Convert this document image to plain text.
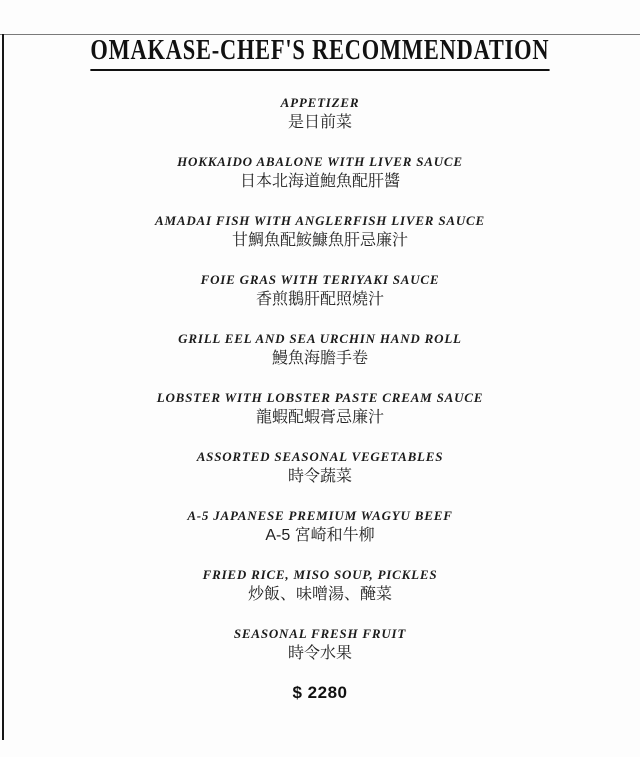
OMAKASE-CHEF'S RECOMMENDATION
APPETIZER
是日前菜
HOKKAIDO ABALONE WITH LIVER SAUCE
日本北海道鮑魚配肝醬
AMADAI FISH WITH ANGLERFISH LIVER SAUCE
甘鯛魚配鮟鱇魚肝忌廉汁
FOIE GRAS WITH TERIYAKI SAUCE
香煎鵝肝配照燒汁
GRILL EEL AND SEA URCHIN HAND ROLL
鰻魚海膽手卷
LOBSTER WITH LOBSTER PASTE CREAM SAUCE
龍蝦配蝦膏忌廉汁
ASSORTED SEASONAL VEGETABLES
時令蔬菜
A-5 JAPANESE PREMIUM WAGYU BEEF
A-5 宮崎和牛柳
FRIED RICE, MISO SOUP, PICKLES
炒飯、味噌湯、醃菜
SEASONAL FRESH FRUIT
時令水果
$ 2280
